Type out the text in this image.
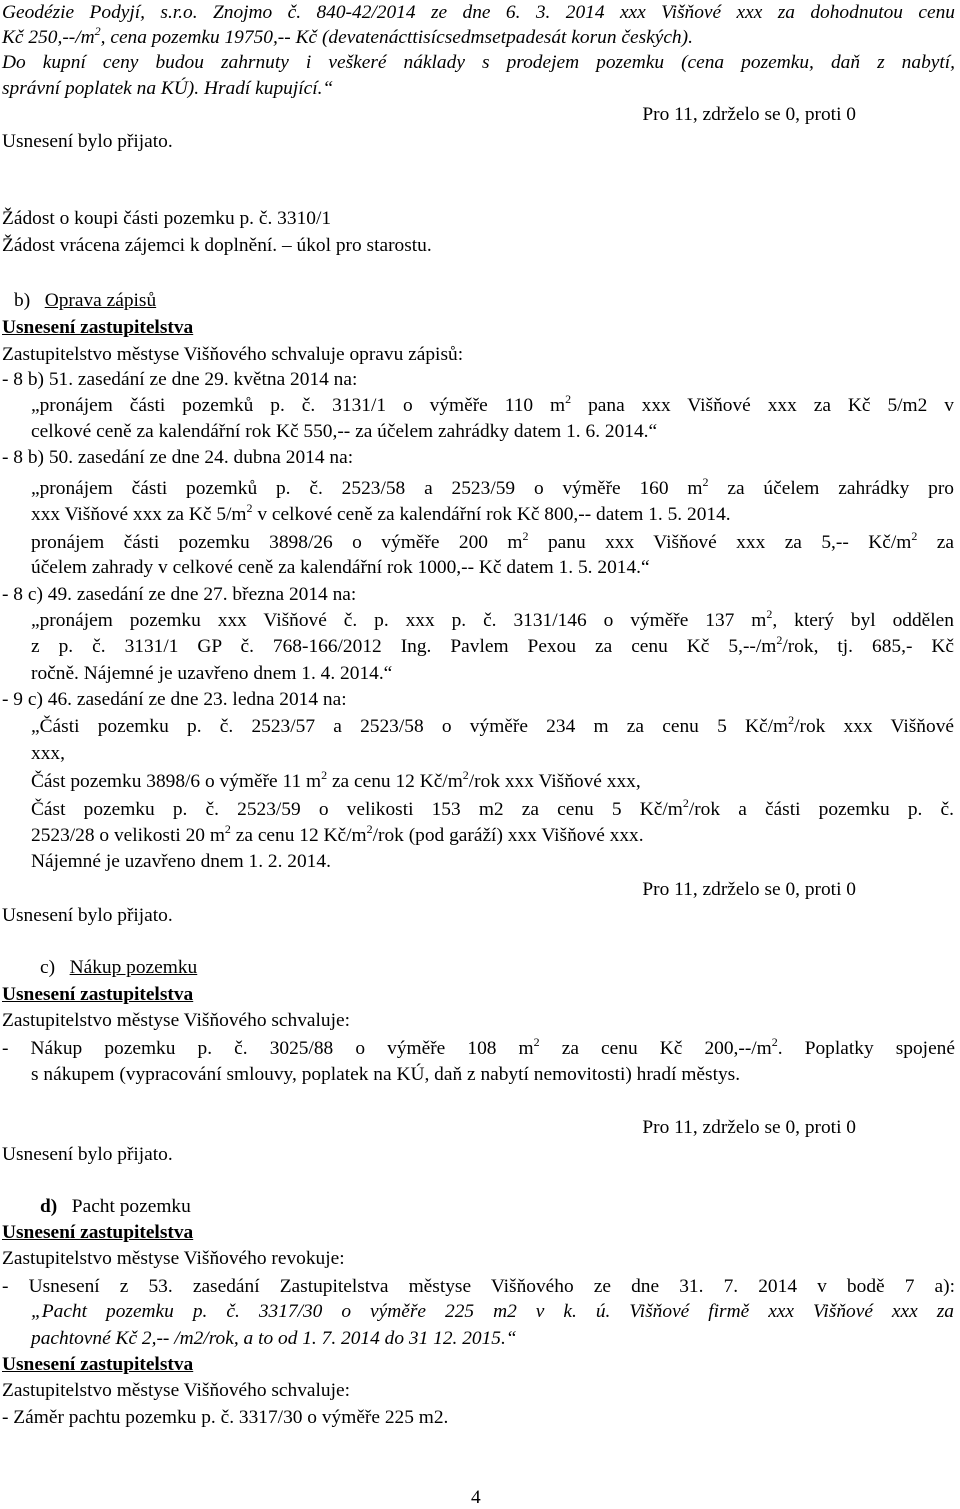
Geodézie Podyjí, s.r.o. Znojmo č. 840-42/2014 ze dne 6. 3. 2014 xxx Višňové xxx za dohodnutou cenu
Kč $250,--/m^2$, cena pozemku 19750,-- Kč (devatenácttisícsedmsetpadesát korun českých).
Do kupní ceny budou zahrnuty i veškeré náklady s prodejem pozemku (cena pozemku, daň z nabytí,
správní poplatek na KÚ). Hradí kupující.“
Pro 11, zdrželo se 0, proti 0
Usnesení bylo přijato.
Žádost o koupi části pozemku p. č. 3310/1
Žádost vrácena zájemci k doplnění. – úkol pro starostu.
b) Oprava zápisů
Usnesení zastupitelstva
Zastupitelstvo městyse Višňového schvaluje opravu zápisů:
- 8 b) 51. zasedání ze dne 29. května 2014 na:
„pronájem části pozemků p. č. 3131/1 o výměře 110 $m^2$ pana xxx Višňové xxx za Kč 5/m2 v
celkové ceně za kalendářní rok Kč 550,-- za účelem zahrádky datem 1. 6. 2014.“
- 8 b) 50. zasedání ze dne 24. dubna 2014 na:
„pronájem části pozemků p. č. 2523/58 a 2523/59 o výměře 160 $m^2$ za účelem zahrádky pro
xxx Višňové xxx za Kč $5/m^2$ v celkové ceně za kalendářní rok Kč 800,-- datem 1. 5. 2014.
pronájem části pozemku 3898/26 o výměře 200 $m^2$ panu xxx Višňové xxx za 5,-- $Kč/m^2$ za
účelem zahrady v celkové ceně za kalendářní rok 1000,-- Kč datem 1. 5. 2014.“
- 8 c) 49. zasedání ze dne 27. března 2014 na:
„pronájem pozemku xxx Višňové č. p. xxx p. č. 3131/146 o výměře 137 $m^2$, který byl oddělen
z p. č. 3131/1 GP č. 768-166/2012 Ing. Pavlem Pexou za cenu Kč $5,--/m^2$/rok, tj. 685,- Kč
ročně. Nájemné je uzavřeno dnem 1. 4. 2014.“
- 9 c) 46. zasedání ze dne 23. ledna 2014 na:
„Části pozemku p. č. 2523/57 a 2523/58 o výměře 234 m za cenu 5 $Kč/m^2$/rok xxx Višňové
xxx,
Část pozemku 3898/6 o výměře 11 $m^2$ za cenu 12 $Kč/m^2$/rok xxx Višňové xxx,
Část pozemku p. č. 2523/59 o velikosti 153 m2 za cenu 5 $Kč/m^2$/rok a části pozemku p. č.
2523/28 o velikosti 20 $m^2$ za cenu 12 $Kč/m^2$/rok (pod garáží) xxx Višňové xxx.
Nájemné je uzavřeno dnem 1. 2. 2014.
Pro 11, zdrželo se 0, proti 0
Usnesení bylo přijato.
c) Nákup pozemku
Usnesení zastupitelstva
Zastupitelstvo městyse Višňového schvaluje:
- Nákup pozemku p. č. 3025/88 o výměře 108 $m^2$ za cenu Kč $200,--/m^2$. Poplatky spojené
s nákupem (vypracování smlouvy, poplatek na KÚ, daň z nabytí nemovitosti) hradí městys.
Pro 11, zdrželo se 0, proti 0
Usnesení bylo přijato.
d) Pacht pozemku
Usnesení zastupitelstva
Zastupitelstvo městyse Višňového revokuje:
- Usnesení z 53. zasedání Zastupitelstva městyse Višňového ze dne 31. 7. 2014 v bodě 7 a):
„Pacht pozemku p. č. 3317/30 o výměře 225 m2 v k. ú. Višňové firmě xxx Višňové xxx za
pachtovné Kč 2,-- /m2/rok, a to od 1. 7. 2014 do 31 12. 2015.“
Usnesení zastupitelstva
Zastupitelstvo městyse Višňového schvaluje:
- Záměr pachtu pozemku p. č. 3317/30 o výměře 225 m2.
4
